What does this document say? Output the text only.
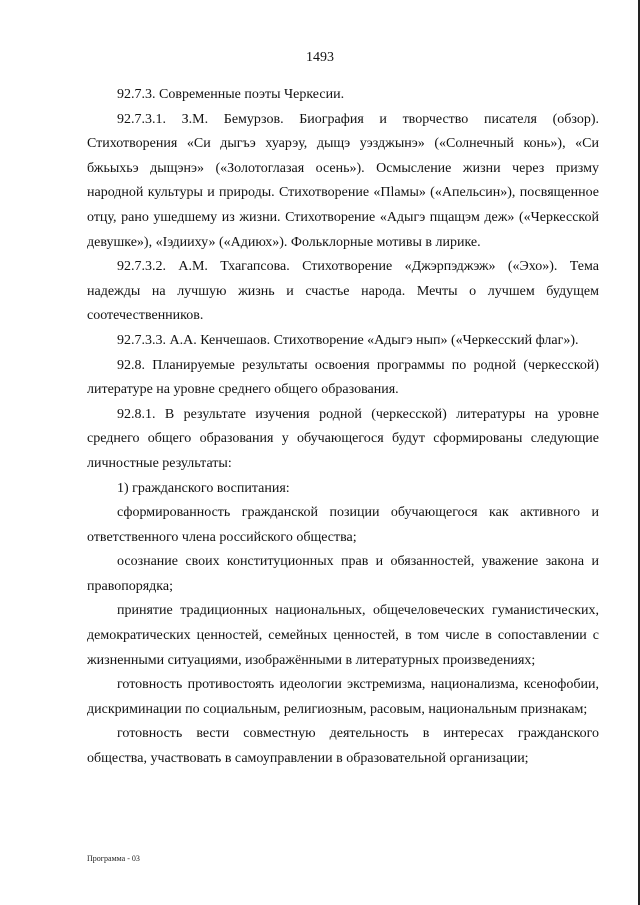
1493

92.7.3. Современные поэты Черкесии.

92.7.3.1. З.М. Бемурзов. Биография и творчество писателя (обзор). Стихотворения «Си дыгъэ хуарэу, дыщэ уэзджынэ» («Солнечный конь»), «Си бжьыхьэ дыщэнэ» («Золотоглазая осень»). Осмысление жизни через призму народной культуры и природы. Стихотворение «Пlамы» («Апельсин»), посвященное отцу, рано ушедшему из жизни. Стихотворение «Адыгэ пщащэм деж» («Черкесской девушке»), «Iэдииху» («Адиюх»). Фольклорные мотивы в лирике.

92.7.3.2. А.М. Тхагапсова. Стихотворение «Джэрпэджэж» («Эхо»). Тема надежды на лучшую жизнь и счастье народа. Мечты о лучшем будущем соотечественников.

92.7.3.3. А.А. Кенчешаов. Стихотворение «Адыгэ нып» («Черкесский флаг»).

92.8. Планируемые результаты освоения программы по родной (черкесской) литературе на уровне среднего общего образования.

92.8.1. В результате изучения родной (черкесской) литературы на уровне среднего общего образования у обучающегося будут сформированы следующие личностные результаты:

1) гражданского воспитания:

сформированность гражданской позиции обучающегося как активного и ответственного члена российского общества;

осознание своих конституционных прав и обязанностей, уважение закона и правопорядка;

принятие традиционных национальных, общечеловеческих гуманистических, демократических ценностей, семейных ценностей, в том числе в сопоставлении с жизненными ситуациями, изображёнными в литературных произведениях;

готовность противостоять идеологии экстремизма, национализма, ксенофобии, дискриминации по социальным, религиозным, расовым, национальным признакам;

готовность вести совместную деятельность в интересах гражданского общества, участвовать в самоуправлении в образовательной организации;

Программа - 03
